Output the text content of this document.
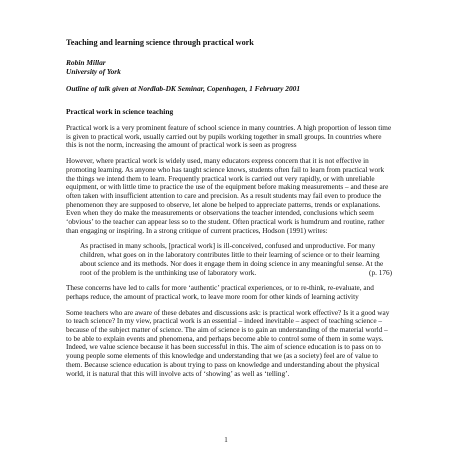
Teaching and learning science through practical work
Robin Millar
University of York
Outline of talk given at Nordlab-DK Seminar, Copenhagen, 1 February 2001
Practical work in science teaching

Practical work is a very prominent feature of school science in many countries. A high proportion of lesson time is given to practical work, usually carried out by pupils working together in small groups. In countries where this is not the norm, increasing the amount of practical work is seen as progress

However, where practical work is widely used, many educators express concern that it is not effective in promoting learning. As anyone who has taught science knows, students often fail to learn from practical work the things we intend them to learn. Frequently practical work is carried out very rapidly, or with unreliable equipment, or with little time to practice the use of the equipment before making measurements – and these are often taken with insufficient attention to care and precision. As a result students may fail even to produce the phenomenon they are supposed to observe, let alone be helped to appreciate patterns, trends or explanations. Even when they do make the measurements or observations the teacher intended, conclusions which seem ‘obvious’ to the teacher can appear less so to the student. Often practical work is humdrum and routine, rather than engaging or inspiring. In a strong critique of current practices, Hodson (1991) writes:

As practised in many schools, [practical work] is ill-conceived, confused and unproductive. For many children, what goes on in the laboratory contributes little to their learning of science or to their learning about science and its methods. Nor does it engage them in doing science in any meaningful sense. At the root of the problem is the unthinking use of laboratory work.	(p. 176)

These concerns have led to calls for more ‘authentic’ practical experiences, or to re-think, re-evaluate, and perhaps reduce, the amount of practical work, to leave more room for other kinds of learning activity

Some teachers who are aware of these debates and discussions ask: is practical work effective? Is it a good way to teach science? In my view, practical work is an essential – indeed inevitable – aspect of teaching science – because of the subject matter of science. The aim of science is to gain an understanding of the material world – to be able to explain events and phenomena, and perhaps become able to control some of them in some ways. Indeed, we value science because it has been successful in this. The aim of science education is to pass on to young people some elements of this knowledge and understanding that we (as a society) feel are of value to them. Because science education is about trying to pass on knowledge and understanding about the physical world, it is natural that this will involve acts of ‘showing’ as well as ‘telling’.

1
